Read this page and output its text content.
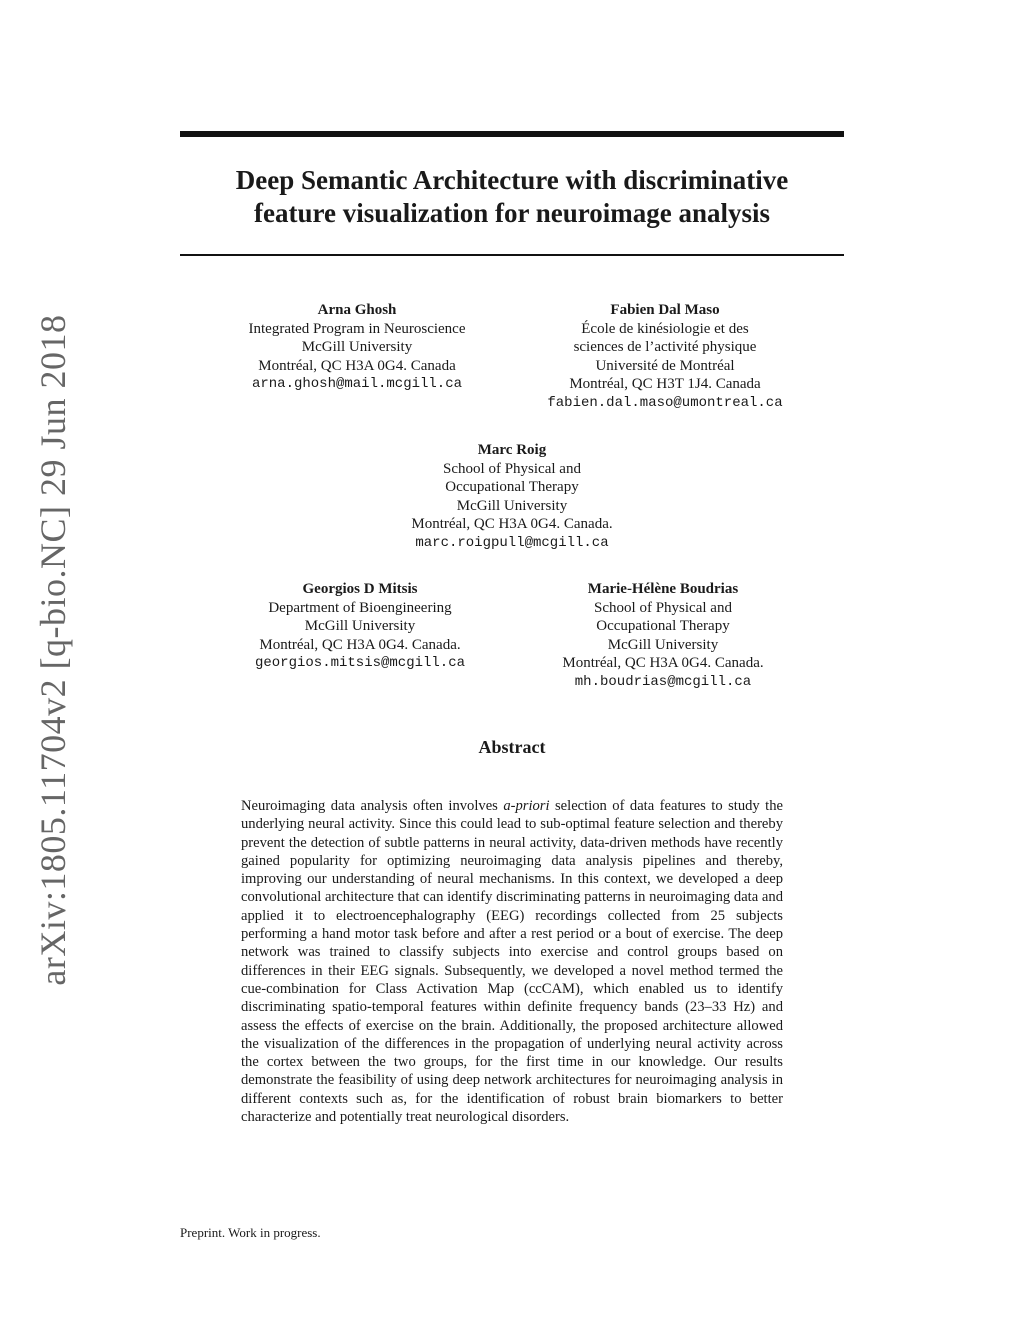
arXiv:1805.11704v2 [q-bio.NC] 29 Jun 2018
Deep Semantic Architecture with discriminative
feature visualization for neuroimage analysis
Arna Ghosh
Integrated Program in Neuroscience
McGill University
Montréal, QC H3A 0G4. Canada
arna.ghosh@mail.mcgill.ca
Fabien Dal Maso
École de kinésiologie et des
sciences de l’activité physique
Université de Montréal
Montréal, QC H3T 1J4. Canada
fabien.dal.maso@umontreal.ca
Marc Roig
School of Physical and
Occupational Therapy
McGill University
Montréal, QC H3A 0G4. Canada.
marc.roigpull@mcgill.ca
Georgios D Mitsis
Department of Bioengineering
McGill University
Montréal, QC H3A 0G4. Canada.
georgios.mitsis@mcgill.ca
Marie-Hélène Boudrias
School of Physical and
Occupational Therapy
McGill University
Montréal, QC H3A 0G4. Canada.
mh.boudrias@mcgill.ca
Abstract

Neuroimaging data analysis often involves a-priori selection of data features to study the underlying neural activity. Since this could lead to sub-optimal feature selection and thereby prevent the detection of subtle patterns in neural activity, data-driven methods have recently gained popularity for optimizing neuroimaging data analysis pipelines and thereby, improving our understanding of neural mechanisms. In this context, we developed a deep convolutional architecture that can identify discriminating patterns in neuroimaging data and applied it to electroencephalography (EEG) recordings collected from 25 subjects performing a hand motor task before and after a rest period or a bout of exercise. The deep network was trained to classify subjects into exercise and control groups based on differences in their EEG signals. Subsequently, we developed a novel method termed the cue-combination for Class Activation Map (ccCAM), which enabled us to identify discriminating spatio-temporal features within definite frequency bands (23–33 Hz) and assess the effects of exercise on the brain. Additionally, the proposed architecture allowed the visualization of the differences in the propagation of underlying neural activity across the cortex between the two groups, for the first time in our knowledge. Our results demonstrate the feasibility of using deep network architectures for neuroimaging analysis in different contexts such as, for the identification of robust brain biomarkers to better characterize and potentially treat neurological disorders.

Preprint. Work in progress.
